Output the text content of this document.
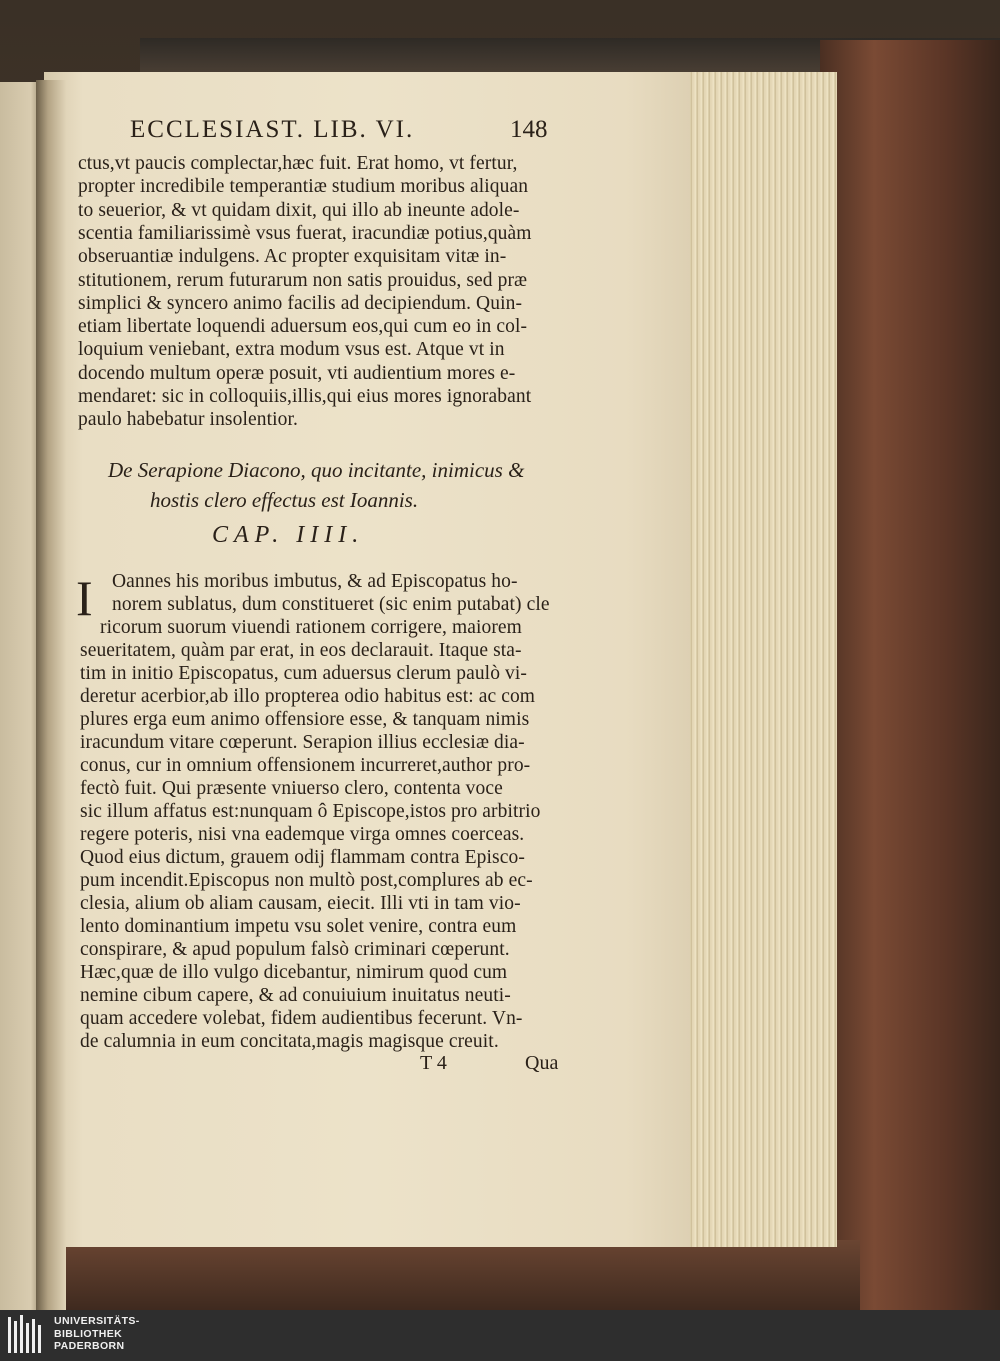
ECCLESIAST. LIB. VI.	148
ctus,vt paucis complectar,hæc fuit. Erat homo, vt fertur,
propter incredibile temperantiæ studium moribus aliquan
to seuerior, & vt quidam dixit, qui illo ab ineunte adole-
scentia familiarissimè vsus fuerat, iracundiæ potius,quàm
obseruantiæ indulgens. Ac propter exquisitam vitæ in-
stitutionem, rerum futurarum non satis prouidus, sed præ
simplici & syncero animo facilis ad decipiendum. Quin-
etiam libertate loquendi aduersum eos,qui cum eo in col-
loquium veniebant, extra modum vsus est. Atque vt in
docendo multum operæ posuit, vti audientium mores e-
mendaret: sic in colloquiis,illis,qui eius mores ignorabant
paulo habebatur insolentior.
De Serapione Diacono, quo incitante, inimicus &
hostis clero effectus est Ioannis.
CAP. IIII.
I Oannes his moribus imbutus, & ad Episcopatus ho-
norem sublatus, dum constitueret (sic enim putabat) cle
ricorum suorum viuendi rationem corrigere, maiorem
seueritatem, quàm par erat, in eos declarauit. Itaque sta-
tim in initio Episcopatus, cum aduersus clerum paulò vi-
deretur acerbior,ab illo propterea odio habitus est: ac com
plures erga eum animo offensiore esse, & tanquam nimis
iracundum vitare cœperunt. Serapion illius ecclesiæ dia-
conus, cur in omnium offensionem incurreret,author pro-
fectò fuit. Qui præsente vniuerso clero, contenta voce
sic illum affatus est:nunquam ô Episcope,istos pro arbitrio
regere poteris, nisi vna eademque virga omnes coerceas.
Quod eius dictum, grauem odij flammam contra Episco-
pum incendit.Episcopus non multò post,complures ab ec-
clesia, alium ob aliam causam, eiecit. Illi vti in tam vio-
lento dominantium impetu vsu solet venire, contra eum
conspirare, & apud populum falsò criminari cœperunt.
Hæc,quæ de illo vulgo dicebantur, nimirum quod cum
nemine cibum capere, & ad conuiuium inuitatus neuti-
quam accedere volebat, fidem audientibus fecerunt. Vn-
de calumnia in eum concitata,magis magisque creuit.
T 4	Qua
UNIVERSITÄTS-
BIBLIOTHEK
PADERBORN
